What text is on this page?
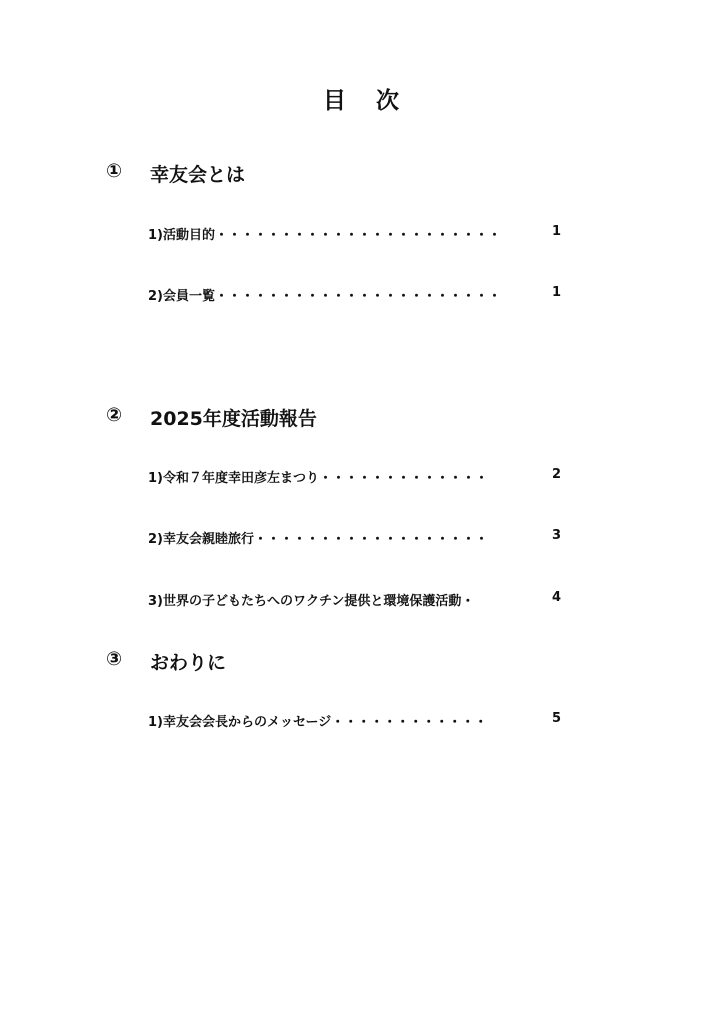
目 次
① 幸友会とは
1)活動目的・・・・・・・・・・・・・・・・・・・・・・	1
2)会員一覧・・・・・・・・・・・・・・・・・・・・・・	1
② 2025年度活動報告
1)令和７年度幸田彦左まつり・・・・・・・・・・・・・	2
2)幸友会親睦旅行・・・・・・・・・・・・・・・・・・	3
3)世界の子どもたちへのワクチン提供と環境保護活動・	4
③ おわりに
1)幸友会会長からのメッセージ・・・・・・・・・・・・	5
